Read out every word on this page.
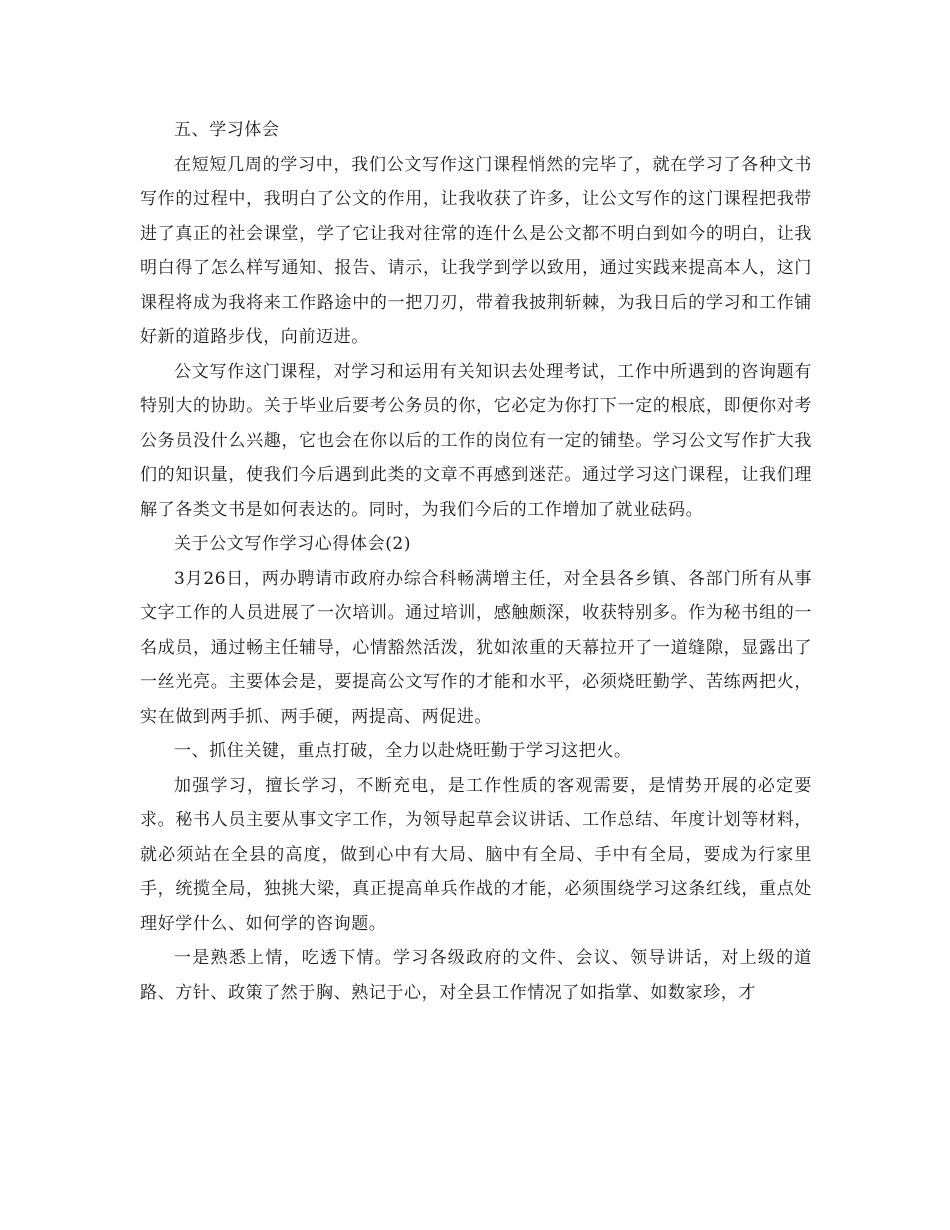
五、学习体会

在短短几周的学习中，我们公文写作这门课程悄然的完毕了，就在学习了各种文书写作的过程中，我明白了公文的作用，让我收获了许多，让公文写作的这门课程把我带进了真正的社会课堂，学了它让我对往常的连什么是公文都不明白到如今的明白，让我明白得了怎么样写通知、报告、请示，让我学到学以致用，通过实践来提高本人，这门课程将成为我将来工作路途中的一把刀刃，带着我披荆斩棘，为我日后的学习和工作铺好新的道路步伐，向前迈进。

公文写作这门课程，对学习和运用有关知识去处理考试，工作中所遇到的咨询题有特别大的协助。关于毕业后要考公务员的你，它必定为你打下一定的根底，即便你对考公务员没什么兴趣，它也会在你以后的工作的岗位有一定的铺垫。学习公文写作扩大我们的知识量，使我们今后遇到此类的文章不再感到迷茫。通过学习这门课程，让我们理解了各类文书是如何表达的。同时，为我们今后的工作增加了就业砝码。

关于公文写作学习心得体会(2)

3月26日，两办聘请市政府办综合科畅满增主任，对全县各乡镇、各部门所有从事文字工作的人员进展了一次培训。通过培训，感触颇深，收获特别多。作为秘书组的一名成员，通过畅主任辅导，心情豁然活泼，犹如浓重的天幕拉开了一道缝隙，显露出了一丝光亮。主要体会是，要提高公文写作的才能和水平，必须烧旺勤学、苦练两把火，实在做到两手抓、两手硬，两提高、两促进。

一、抓住关键，重点打破，全力以赴烧旺勤于学习这把火。

加强学习，擅长学习，不断充电，是工作性质的客观需要，是情势开展的必定要求。秘书人员主要从事文字工作，为领导起草会议讲话、工作总结、年度计划等材料，就必须站在全县的高度，做到心中有大局、脑中有全局、手中有全局，要成为行家里手，统揽全局，独挑大梁，真正提高单兵作战的才能，必须围绕学习这条红线，重点处理好学什么、如何学的咨询题。

一是熟悉上情，吃透下情。学习各级政府的文件、会议、领导讲话，对上级的道路、方针、政策了然于胸、熟记于心，对全县工作情况了如指掌、如数家珍，才
